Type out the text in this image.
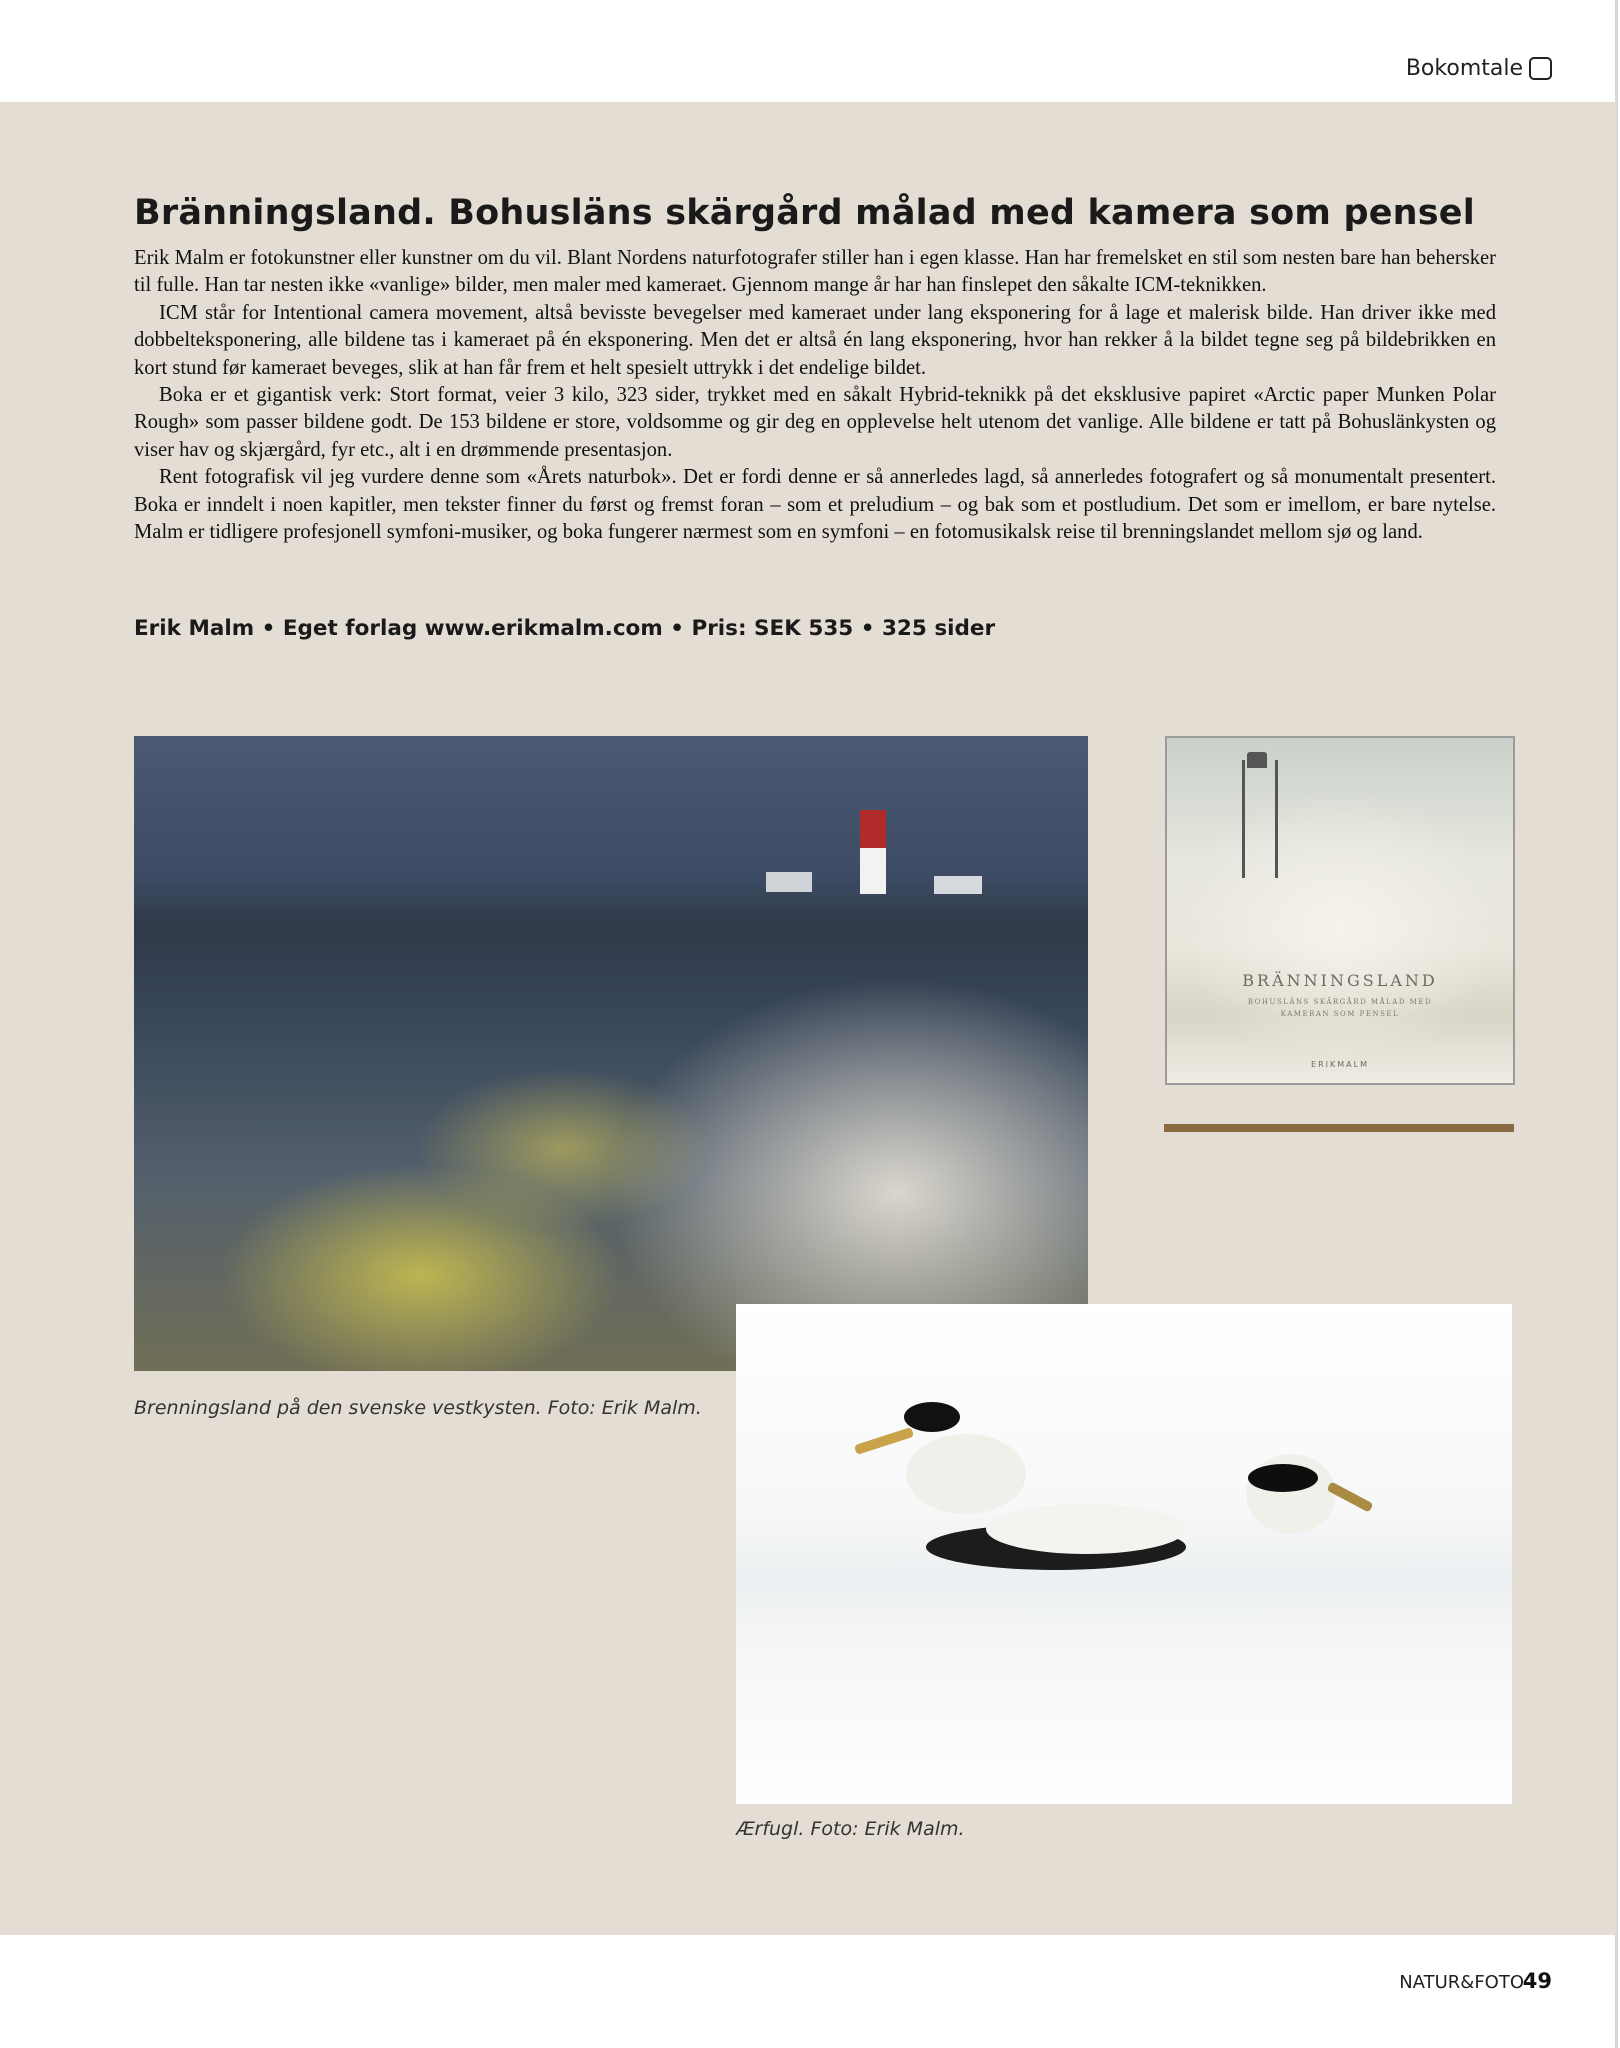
Bokomtale
Bränningsland. Bohusläns skärgård målad med kamera som pensel

Erik Malm er fotokunstner eller kunstner om du vil. Blant Nordens naturfotografer stiller han i egen klasse. Han har fremelsket en stil som nesten bare han behersker til fulle. Han tar nesten ikke «vanlige» bilder, men maler med kameraet. Gjennom mange år har han finslepet den såkalte ICM-teknikken.

ICM står for Intentional camera movement, altså bevisste bevegelser med kameraet under lang eksponering for å lage et malerisk bilde. Han driver ikke med dobbelteksponering, alle bildene tas i kameraet på én eksponering. Men det er altså én lang eksponering, hvor han rekker å la bildet tegne seg på bildebrikken en kort stund før kameraet beveges, slik at han får frem et helt spesielt uttrykk i det endelige bildet.

Boka er et gigantisk verk: Stort format, veier 3 kilo, 323 sider, trykket med en såkalt Hybrid-teknikk på det eksklusive papiret «Arctic paper Munken Polar Rough» som passer bildene godt. De 153 bildene er store, voldsomme og gir deg en opplevelse helt utenom det vanlige. Alle bildene er tatt på Bohuslänkysten og viser hav og skjærgård, fyr etc., alt i en drømmende presentasjon.

Rent fotografisk vil jeg vurdere denne som «Årets naturbok». Det er fordi denne er så annerledes lagd, så annerledes fotografert og så monumentalt presentert. Boka er inndelt i noen kapitler, men tekster finner du først og fremst foran – som et preludium – og bak som et postludium. Det som er imellom, er bare nytelse. Malm er tidligere profesjonell symfoni-musiker, og boka fungerer nærmest som en symfoni – en fotomusikalsk reise til brenningslandet mellom sjø og land.

Erik Malm • Eget forlag www.erikmalm.com • Pris: SEK 535 • 325 sider
BRÄNNINGSLAND
BOHUSLÄNS SKÄRGÅRD MÅLAD MED
KAMERAN SOM PENSEL
ERIKMALM
Brenningsland på den svenske vestkysten. Foto: Erik Malm.
Ærfugl. Foto: Erik Malm.
NATUR&FOTO
49
